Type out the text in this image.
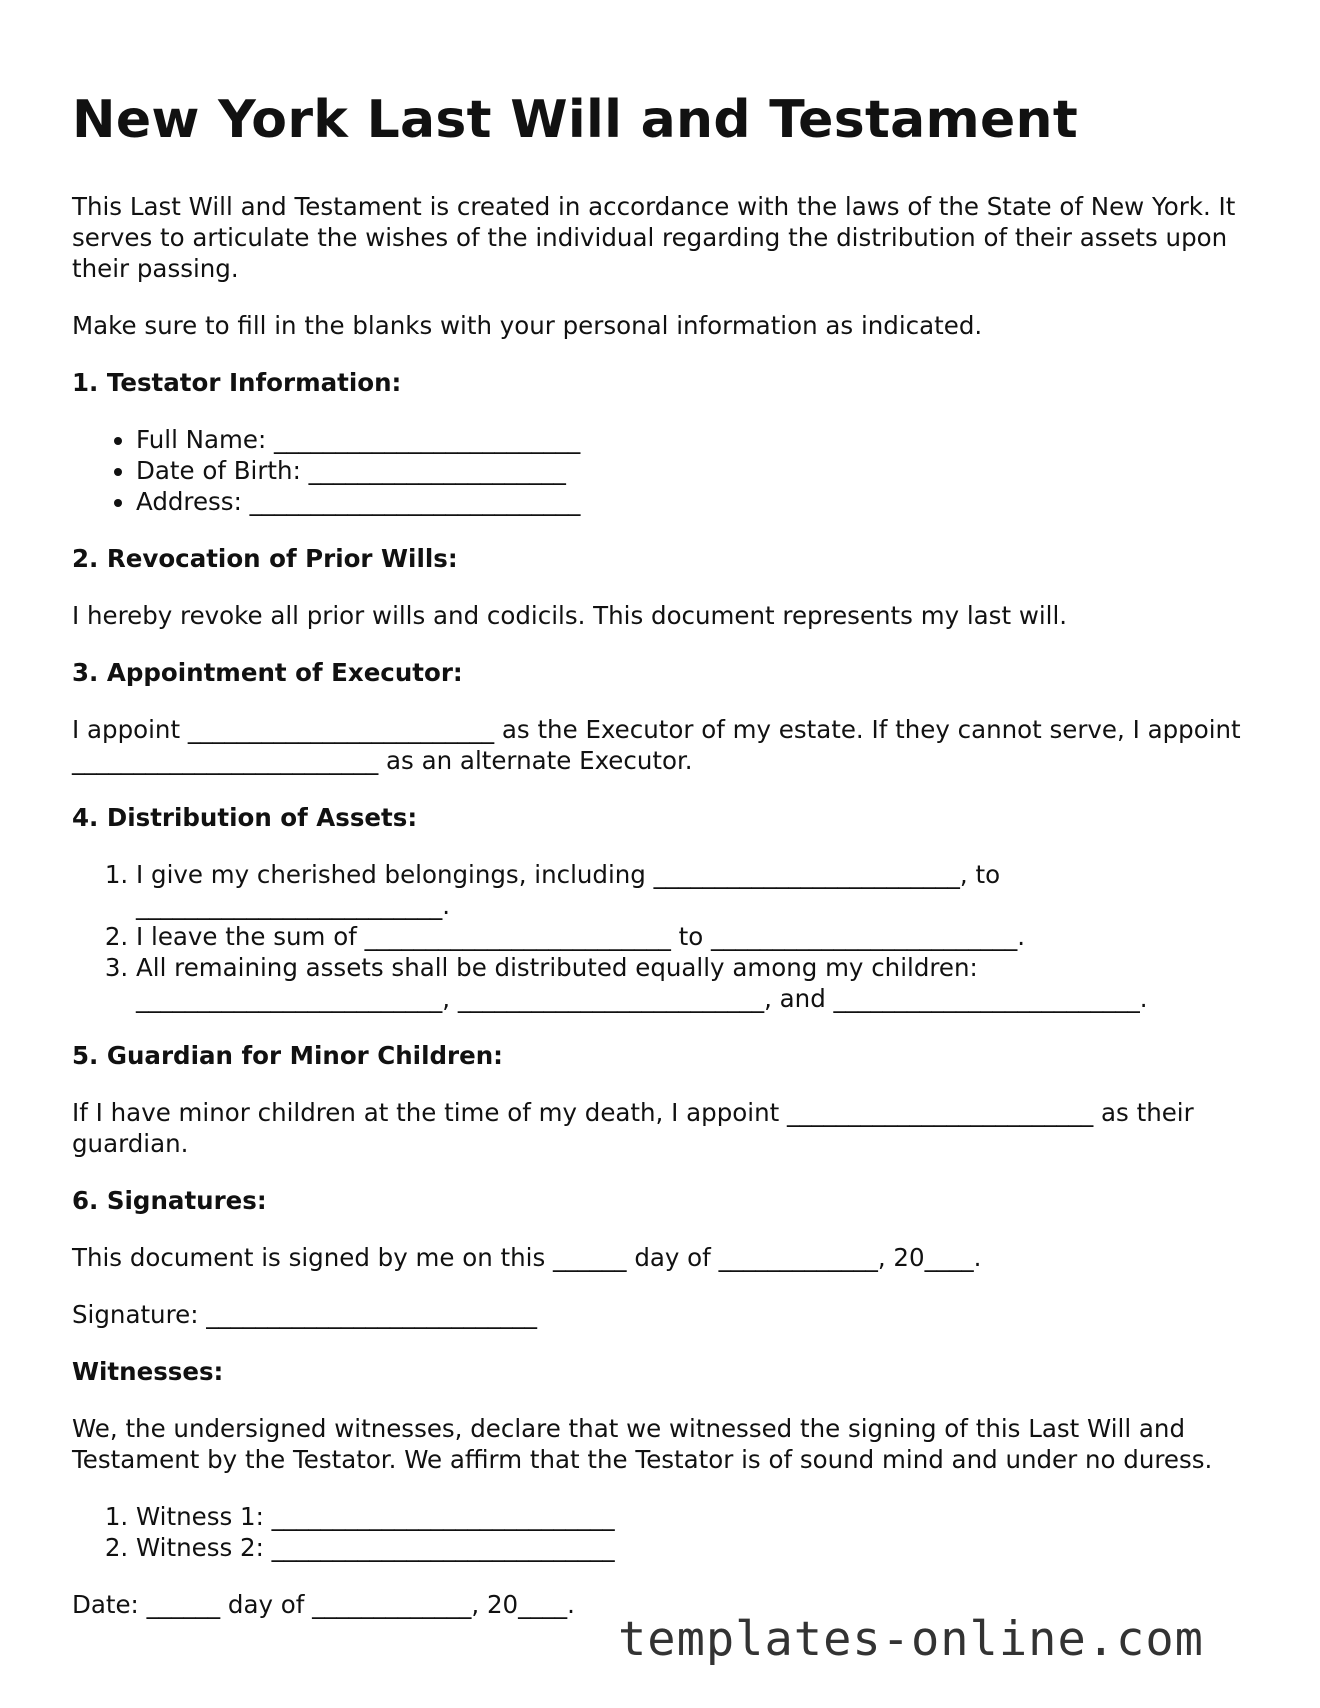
New York Last Will and Testament

This Last Will and Testament is created in accordance with the laws of the State of New York. It serves to articulate the wishes of the individual regarding the distribution of their assets upon their passing.

Make sure to fill in the blanks with your personal information as indicated.

1. Testator Information:
• Full Name: _________________________
• Date of Birth: _____________________
• Address: ___________________________
2. Revocation of Prior Wills:

I hereby revoke all prior wills and codicils. This document represents my last will.

3. Appointment of Executor:

I appoint _________________________ as the Executor of my estate. If they cannot serve, I appoint _________________________ as an alternate Executor.

4. Distribution of Assets:
1. I give my cherished belongings, including _________________________, to _________________________.
2. I leave the sum of _________________________ to _________________________.
3. All remaining assets shall be distributed equally among my children: _________________________, _________________________, and _________________________.
5. Guardian for Minor Children:

If I have minor children at the time of my death, I appoint _________________________ as their guardian.

6. Signatures:

This document is signed by me on this ______ day of _____________, 20____.

Signature: ___________________________

Witnesses:

We, the undersigned witnesses, declare that we witnessed the signing of this Last Will and Testament by the Testator. We affirm that the Testator is of sound mind and under no duress.

1. Witness 1: ____________________________
2. Witness 2: ____________________________

Date: ______ day of _____________, 20____.

templates-online.com
